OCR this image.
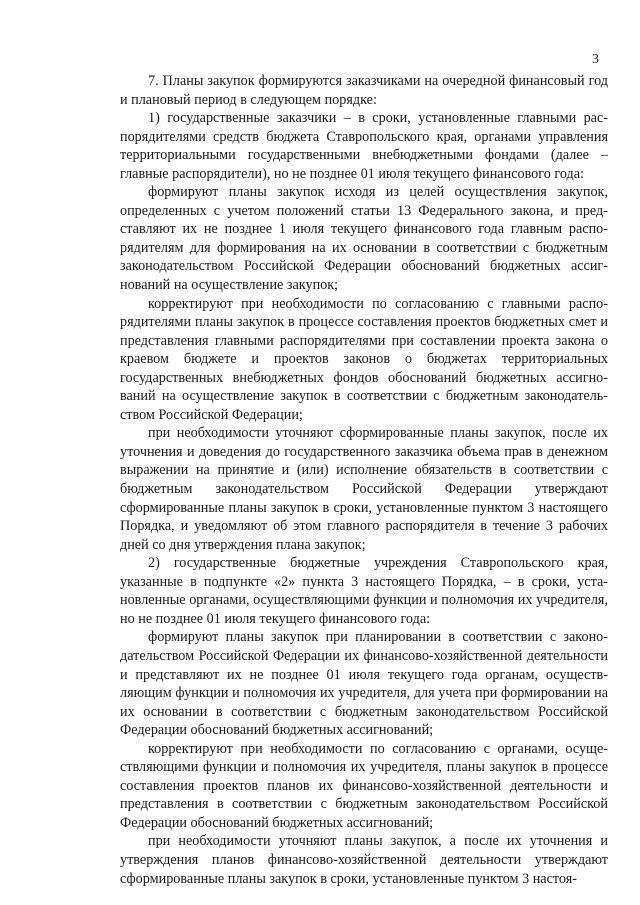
3

7. Планы закупок формируются заказчиками на очередной финансовый год и плановый период в следующем порядке:

1) государственные заказчики – в сроки, установленные главными распорядителями средств бюджета Ставропольского края, органами управления территориальными государственными внебюджетными фондами (далее – главные распорядители), но не позднее 01 июля текущего финансового года:

формируют планы закупок исходя из целей осуществления закупок, определенных с учетом положений статьи 13 Федерального закона, и представляют их не позднее 1 июля текущего финансового года главным распорядителям для формирования на их основании в соответствии с бюджетным законодательством Российской Федерации обоснований бюджетных ассигнований на осуществление закупок;

корректируют при необходимости по согласованию с главными распорядителями планы закупок в процессе составления проектов бюджетных смет и представления главными распорядителями при составлении проекта закона о краевом бюджете и проектов законов о бюджетах территориальных государственных внебюджетных фондов обоснований бюджетных ассигнований на осуществление закупок в соответствии с бюджетным законодательством Российской Федерации;

при необходимости уточняют сформированные планы закупок, после их уточнения и доведения до государственного заказчика объема прав в денежном выражении на принятие и (или) исполнение обязательств в соответствии с бюджетным законодательством Российской Федерации утверждают сформированные планы закупок в сроки, установленные пунктом 3 настоящего Порядка, и уведомляют об этом главного распорядителя в течение 3 рабочих дней со дня утверждения плана закупок;

2) государственные бюджетные учреждения Ставропольского края, указанные в подпункте «2» пункта 3 настоящего Порядка, – в сроки, установленные органами, осуществляющими функции и полномочия их учредителя, но не позднее 01 июля текущего финансового года:

формируют планы закупок при планировании в соответствии с законодательством Российской Федерации их финансово-хозяйственной деятельности и представляют их не позднее 01 июля текущего года органам, осуществляющим функции и полномочия их учредителя, для учета при формировании на их основании в соответствии с бюджетным законодательством Российской Федерации обоснований бюджетных ассигнований;

корректируют при необходимости по согласованию с органами, осуществляющими функции и полномочия их учредителя, планы закупок в процессе составления проектов планов их финансово-хозяйственной деятельности и представления в соответствии с бюджетным законодательством Российской Федерации обоснований бюджетных ассигнований;

при необходимости уточняют планы закупок, а после их уточнения и утверждения планов финансово-хозяйственной деятельности утверждают сформированные планы закупок в сроки, установленные пунктом 3 настоя-
